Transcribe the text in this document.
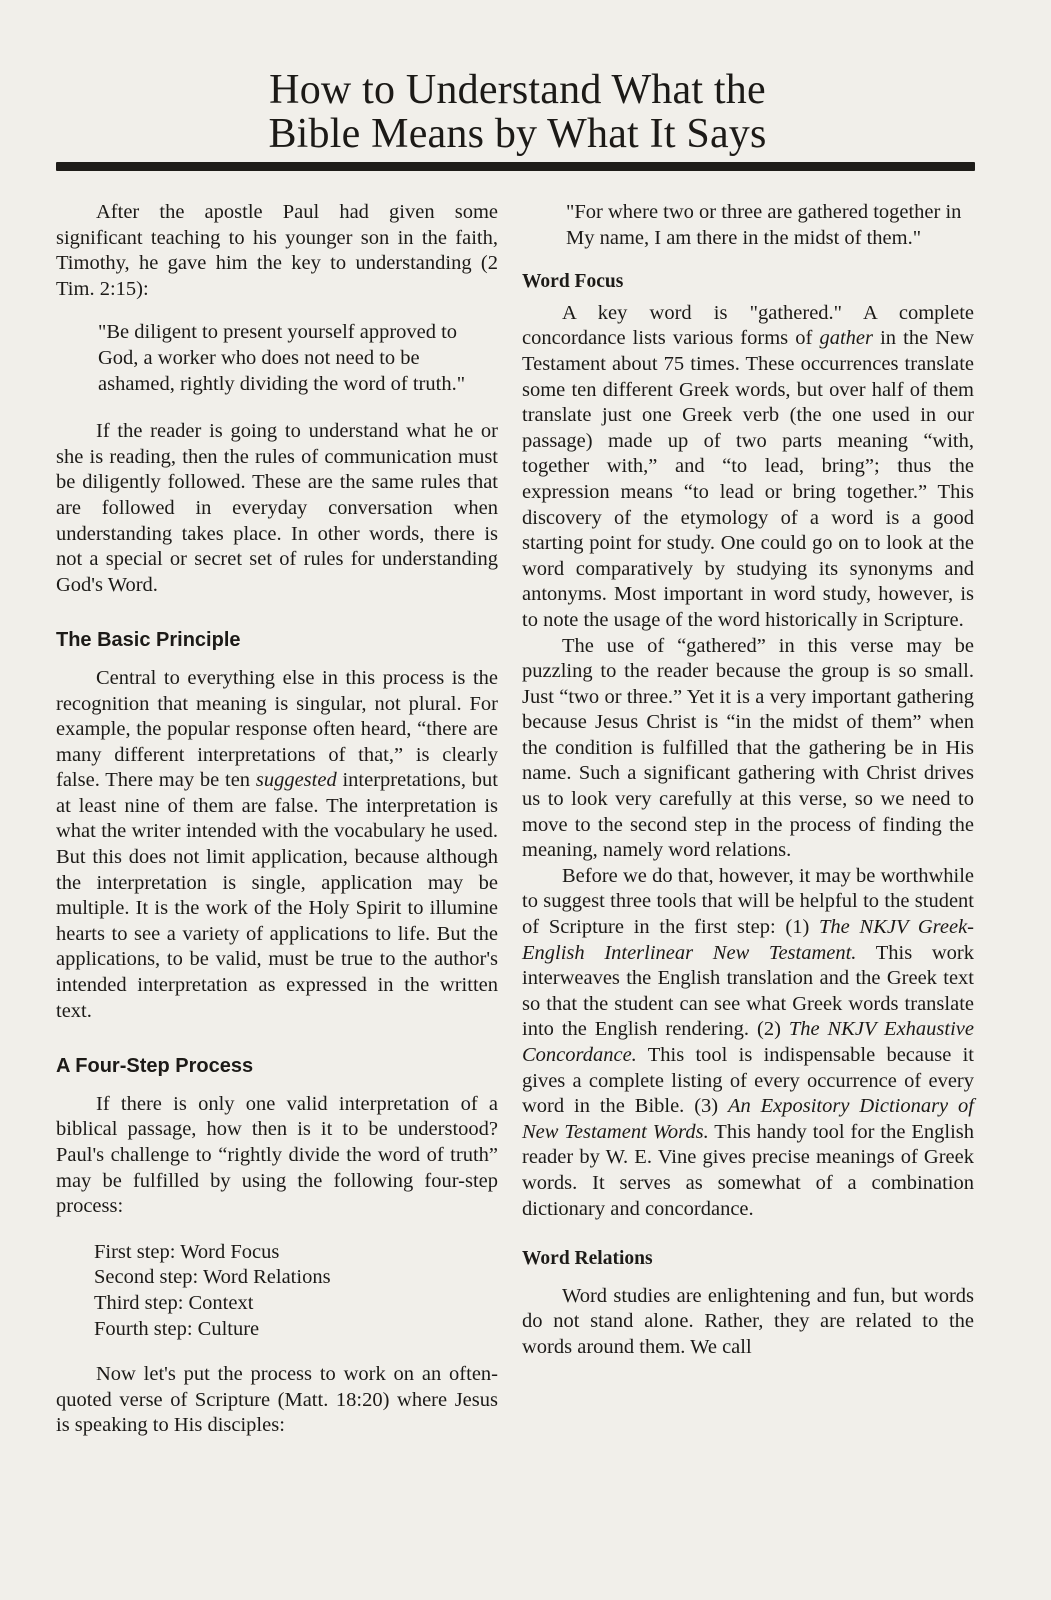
How to Understand What the
Bible Means by What It Says

After the apostle Paul had given some significant teaching to his younger son in the faith, Timothy, he gave him the key to understanding (2 Tim. 2:15):

"Be diligent to present yourself approved to God, a worker who does not need to be ashamed, rightly dividing the word of truth."

If the reader is going to understand what he or she is reading, then the rules of communication must be diligently followed. These are the same rules that are followed in everyday conversation when understanding takes place. In other words, there is not a special or secret set of rules for understanding God's Word.

The Basic Principle

Central to everything else in this process is the recognition that meaning is singular, not plural. For example, the popular response often heard, “there are many different interpretations of that,” is clearly false. There may be ten suggested interpretations, but at least nine of them are false. The interpretation is what the writer intended with the vocabulary he used. But this does not limit application, because although the interpretation is single, application may be multiple. It is the work of the Holy Spirit to illumine hearts to see a variety of applications to life. But the applications, to be valid, must be true to the author's intended interpretation as expressed in the written text.

A Four-Step Process

If there is only one valid interpretation of a biblical passage, how then is it to be understood? Paul's challenge to “rightly divide the word of truth” may be fulfilled by using the following four-step process:

First step: Word Focus
Second step: Word Relations
Third step: Context
Fourth step: Culture

Now let's put the process to work on an often-quoted verse of Scripture (Matt. 18:20) where Jesus is speaking to His disciples:

"For where two or three are gathered together in My name, I am there in the midst of them."

Word Focus

A key word is "gathered." A complete concordance lists various forms of gather in the New Testament about 75 times. These occurrences translate some ten different Greek words, but over half of them translate just one Greek verb (the one used in our passage) made up of two parts meaning “with, together with,” and “to lead, bring”; thus the expression means “to lead or bring together.” This discovery of the etymology of a word is a good starting point for study. One could go on to look at the word comparatively by studying its synonyms and antonyms. Most important in word study, however, is to note the usage of the word historically in Scripture.

The use of “gathered” in this verse may be puzzling to the reader because the group is so small. Just “two or three.” Yet it is a very important gathering because Jesus Christ is “in the midst of them” when the condition is fulfilled that the gathering be in His name. Such a significant gathering with Christ drives us to look very carefully at this verse, so we need to move to the second step in the process of finding the meaning, namely word relations.

Before we do that, however, it may be worthwhile to suggest three tools that will be helpful to the student of Scripture in the first step: (1) The NKJV Greek-English Interlinear New Testament. This work interweaves the English translation and the Greek text so that the student can see what Greek words translate into the English rendering. (2) The NKJV Exhaustive Concordance. This tool is indispensable because it gives a complete listing of every occurrence of every word in the Bible. (3) An Expository Dictionary of New Testament Words. This handy tool for the English reader by W. E. Vine gives precise meanings of Greek words. It serves as somewhat of a combination dictionary and concordance.

Word Relations

Word studies are enlightening and fun, but words do not stand alone. Rather, they are related to the words around them. We call
